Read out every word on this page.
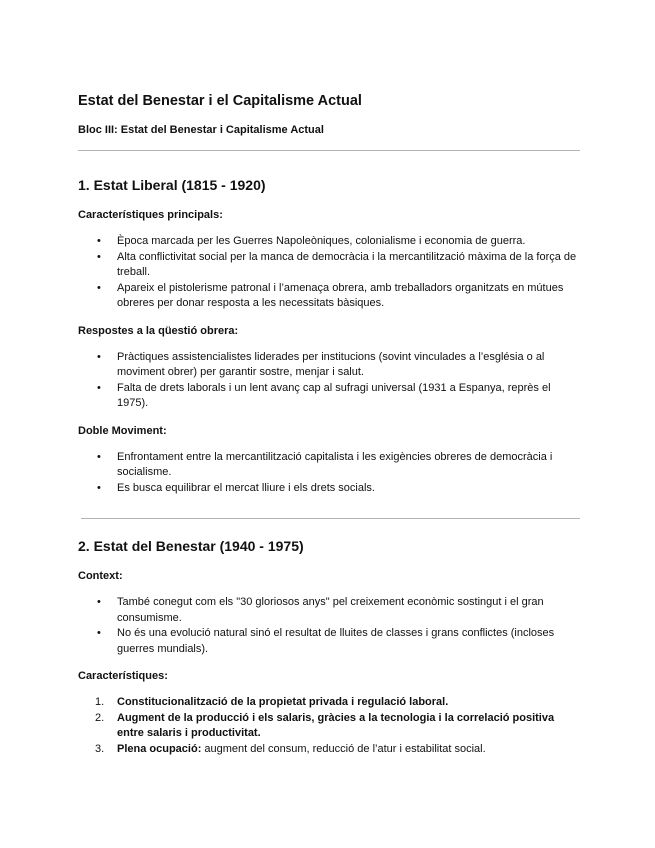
Estat del Benestar i el Capitalisme Actual

Bloc III: Estat del Benestar i Capitalisme Actual

1. Estat Liberal (1815 - 1920)

Característiques principals:

• Època marcada per les Guerres Napoleòniques, colonialisme i economia de guerra.
• Alta conflictivitat social per la manca de democràcia i la mercantilització màxima de la força de treball.
• Apareix el pistolerisme patronal i l’amenaça obrera, amb treballadors organitzats en mútues obreres per donar resposta a les necessitats bàsiques.

Respostes a la qüestió obrera:

• Pràctiques assistencialistes liderades per institucions (sovint vinculades a l’església o al moviment obrer) per garantir sostre, menjar i salut.
• Falta de drets laborals i un lent avanç cap al sufragi universal (1931 a Espanya, reprès el 1975).

Doble Moviment:

• Enfrontament entre la mercantilització capitalista i les exigències obreres de democràcia i socialisme.
• Es busca equilibrar el mercat lliure i els drets socials.
2. Estat del Benestar (1940 - 1975)

Context:

• També conegut com els "30 gloriosos anys" pel creixement econòmic sostingut i el gran consumisme.
• No és una evolució natural sinó el resultat de lluites de classes i grans conflictes (incloses guerres mundials).

Característiques:

1. Constitucionalització de la propietat privada i regulació laboral.
2. Augment de la producció i els salaris, gràcies a la tecnologia i la correlació positiva entre salaris i productivitat.
3. Plena ocupació: augment del consum, reducció de l’atur i estabilitat social.
